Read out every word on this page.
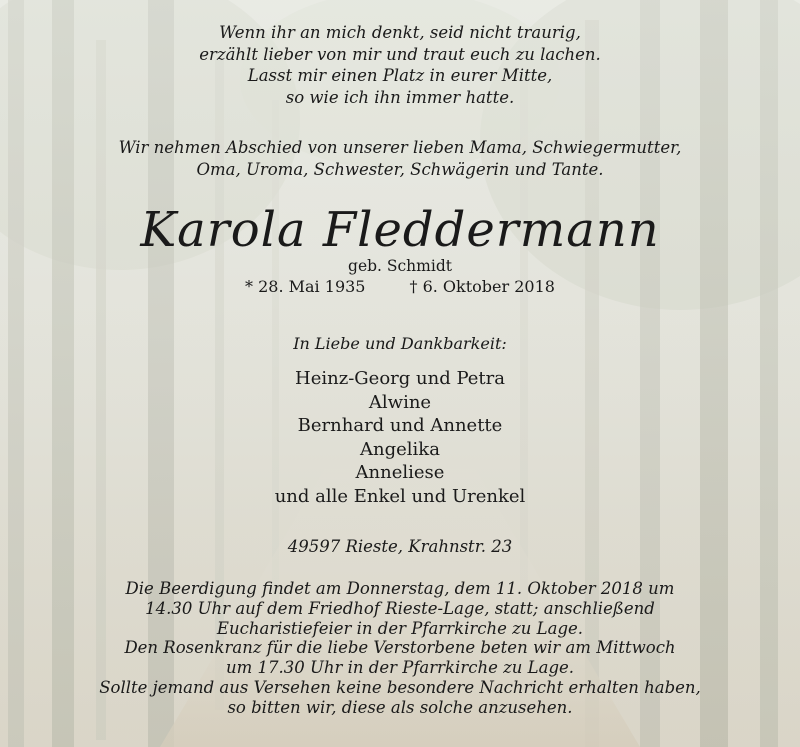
Wenn ihr an mich denkt, seid nicht traurig,
erzählt lieber von mir und traut euch zu lachen.
Lasst mir einen Platz in eurer Mitte,
so wie ich ihn immer hatte.
Wir nehmen Abschied von unserer lieben Mama, Schwiegermutter,
Oma, Uroma, Schwester, Schwägerin und Tante.
Karola Fleddermann
geb. Schmidt
* 28. Mai 1935	† 6. Oktober 2018
In Liebe und Dankbarkeit:
Heinz-Georg und Petra
Alwine
Bernhard und Annette
Angelika
Anneliese
und alle Enkel und Urenkel
49597 Rieste, Krahnstr. 23
Die Beerdigung findet am Donnerstag, dem 11. Oktober 2018 um
14.30 Uhr auf dem Friedhof Rieste-Lage, statt; anschließend
Eucharistiefeier in der Pfarrkirche zu Lage.
Den Rosenkranz für die liebe Verstorbene beten wir am Mittwoch
um 17.30 Uhr in der Pfarrkirche zu Lage.
Sollte jemand aus Versehen keine besondere Nachricht erhalten haben,
so bitten wir, diese als solche anzusehen.
